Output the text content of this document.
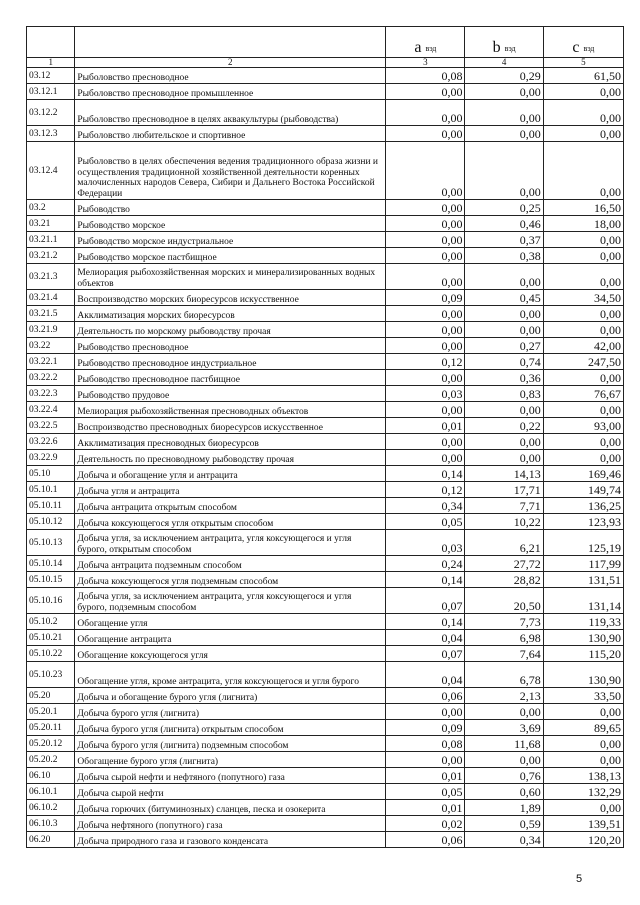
		a $_{вэд}$	b $_{вэд}$	c $_{вэд}$
1	2	3	4	5
03.12	Рыболовство пресноводное	0,08	0,29	61,50
03.12.1	Рыболовство пресноводное промышленное	0,00	0,00	0,00
03.12.2	Рыболовство пресноводное в целях аквакультуры (рыбоводства)	0,00	0,00	0,00
03.12.3	Рыболовство любительское и спортивное	0,00	0,00	0,00
03.12.4	Рыболовство в целях обеспечения ведения традиционного образа жизни и осуществления традиционной хозяйственной деятельности коренных малочисленных народов Севера, Сибири и Дальнего Востока Российской Федерации	0,00	0,00	0,00
03.2	Рыбоводство	0,00	0,25	16,50
03.21	Рыбоводство морское	0,00	0,46	18,00
03.21.1	Рыбоводство морское индустриальное	0,00	0,37	0,00
03.21.2	Рыбоводство морское пастбищное	0,00	0,38	0,00
03.21.3	Мелиорация рыбохозяйственная морских и минерализированных водных объектов	0,00	0,00	0,00
03.21.4	Воспроизводство морских биоресурсов искусственное	0,09	0,45	34,50
03.21.5	Акклиматизация морских биоресурсов	0,00	0,00	0,00
03.21.9	Деятельность по морскому рыбоводству прочая	0,00	0,00	0,00
03.22	Рыбоводство пресноводное	0,00	0,27	42,00
03.22.1	Рыбоводство пресноводное индустриальное	0,12	0,74	247,50
03.22.2	Рыбоводство пресноводное пастбищное	0,00	0,36	0,00
03.22.3	Рыбоводство прудовое	0,03	0,83	76,67
03.22.4	Мелиорация рыбохозяйственная пресноводных объектов	0,00	0,00	0,00
03.22.5	Воспроизводство пресноводных биоресурсов искусственное	0,01	0,22	93,00
03.22.6	Акклиматизация пресноводных биоресурсов	0,00	0,00	0,00
03.22.9	Деятельность по пресноводному рыбоводству прочая	0,00	0,00	0,00
05.10	Добыча и обогащение угля и антрацита	0,14	14,13	169,46
05.10.1	Добыча угля и антрацита	0,12	17,71	149,74
05.10.11	Добыча антрацита открытым способом	0,34	7,71	136,25
05.10.12	Добыча коксующегося угля открытым способом	0,05	10,22	123,93
05.10.13	Добыча угля, за исключением антрацита, угля коксующегося и угля бурого, открытым способом	0,03	6,21	125,19
05.10.14	Добыча антрацита подземным способом	0,24	27,72	117,99
05.10.15	Добыча коксующегося угля подземным способом	0,14	28,82	131,51
05.10.16	Добыча угля, за исключением антрацита, угля коксующегося и угля бурого, подземным способом	0,07	20,50	131,14
05.10.2	Обогащение угля	0,14	7,73	119,33
05.10.21	Обогащение антрацита	0,04	6,98	130,90
05.10.22	Обогащение коксующегося угля	0,07	7,64	115,20
05.10.23	Обогащение угля, кроме антрацита, угля коксующегося и угля бурого	0,04	6,78	130,90
05.20	Добыча и обогащение бурого угля (лигнита)	0,06	2,13	33,50
05.20.1	Добыча бурого угля (лигнита)	0,00	0,00	0,00
05.20.11	Добыча бурого угля (лигнита) открытым способом	0,09	3,69	89,65
05.20.12	Добыча бурого угля (лигнита) подземным способом	0,08	11,68	0,00
05.20.2	Обогащение бурого угля (лигнита)	0,00	0,00	0,00
06.10	Добыча сырой нефти и нефтяного (попутного) газа	0,01	0,76	138,13
06.10.1	Добыча сырой нефти	0,05	0,60	132,29
06.10.2	Добыча горючих (битуминозных) сланцев, песка и озокерита	0,01	1,89	0,00
06.10.3	Добыча нефтяного (попутного) газа	0,02	0,59	139,51
06.20	Добыча природного газа и газового конденсата	0,06	0,34	120,20
5
